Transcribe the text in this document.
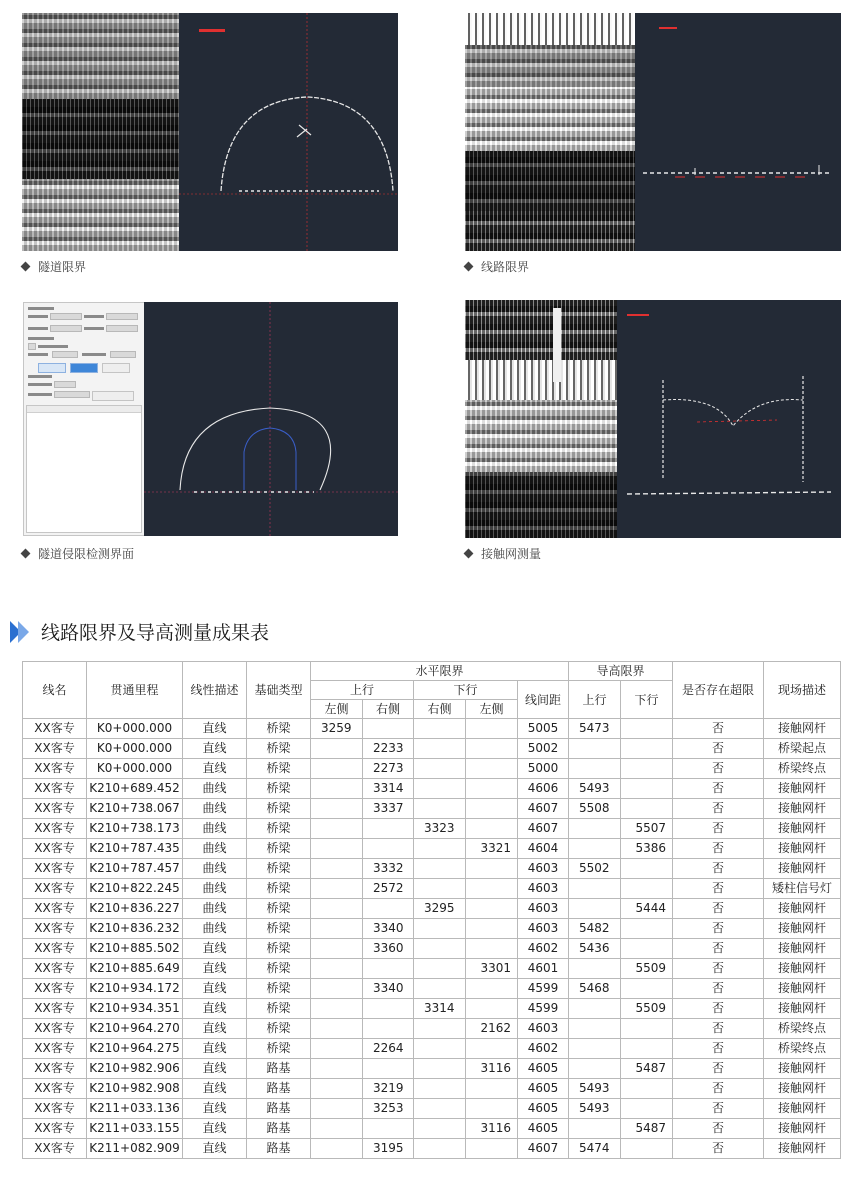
隧道限界	线路限界
隧道侵限检测界面	接触网测量
线路限界及导高测量成果表
线名	贯通里程	线性描述	基础类型	水平限界					导高限界		是否存在超限	现场描述
				上行		下行		线间距	上行	下行		
				左侧	右侧	右侧	左侧					
XX客专	K0+000.000	直线	桥梁	3259				5005	5473		否	接触网杆
XX客专	K0+000.000	直线	桥梁		2233			5002			否	桥梁起点
XX客专	K0+000.000	直线	桥梁		2273			5000			否	桥梁终点
XX客专	K210+689.452	曲线	桥梁		3314			4606	5493		否	接触网杆
XX客专	K210+738.067	曲线	桥梁		3337			4607	5508		否	接触网杆
XX客专	K210+738.173	曲线	桥梁			3323		4607		5507	否	接触网杆
XX客专	K210+787.435	曲线	桥梁				3321	4604		5386	否	接触网杆
XX客专	K210+787.457	曲线	桥梁		3332			4603	5502		否	接触网杆
XX客专	K210+822.245	曲线	桥梁		2572			4603			否	矮柱信号灯
XX客专	K210+836.227	曲线	桥梁			3295		4603		5444	否	接触网杆
XX客专	K210+836.232	曲线	桥梁		3340			4603	5482		否	接触网杆
XX客专	K210+885.502	直线	桥梁		3360			4602	5436		否	接触网杆
XX客专	K210+885.649	直线	桥梁				3301	4601		5509	否	接触网杆
XX客专	K210+934.172	直线	桥梁		3340			4599	5468		否	接触网杆
XX客专	K210+934.351	直线	桥梁			3314		4599		5509	否	接触网杆
XX客专	K210+964.270	直线	桥梁				2162	4603			否	桥梁终点
XX客专	K210+964.275	直线	桥梁		2264			4602			否	桥梁终点
XX客专	K210+982.906	直线	路基				3116	4605		5487	否	接触网杆
XX客专	K210+982.908	直线	路基		3219			4605	5493		否	接触网杆
XX客专	K211+033.136	直线	路基		3253			4605	5493		否	接触网杆
XX客专	K211+033.155	直线	路基				3116	4605		5487	否	接触网杆
XX客专	K211+082.909	直线	路基		3195			4607	5474		否	接触网杆
